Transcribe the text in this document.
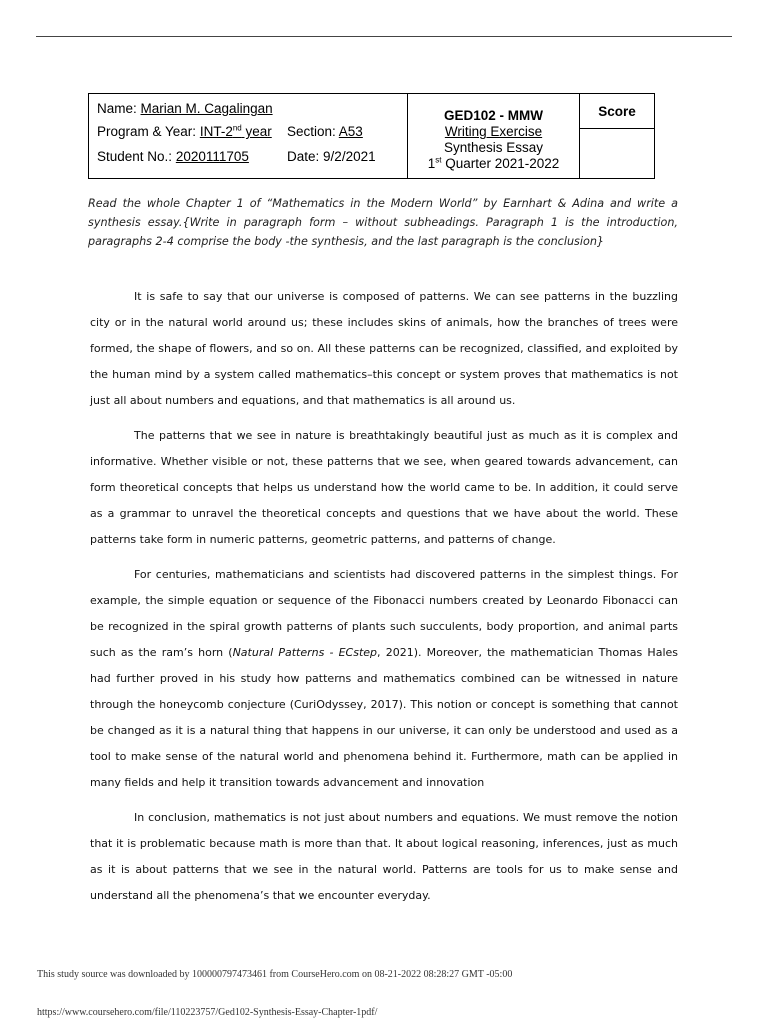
Name: Marian M. Cagalingan
Program & Year: INT-2nd year Section: A53
Student No.: 2020111705	Date: 9/2/2021
GED102 - MMW
Writing Exercise
Synthesis Essay
1st Quarter 2021-2022
Score
Read the whole Chapter 1 of “Mathematics in the Modern World” by Earnhart & Adina and write a synthesis essay.{Write in paragraph form – without subheadings. Paragraph 1 is the introduction, paragraphs 2-4 comprise the body -the synthesis, and the last paragraph is the conclusion}

It is safe to say that our universe is composed of patterns. We can see patterns in the buzzling city or in the natural world around us; these includes skins of animals, how the branches of trees were formed, the shape of flowers, and so on. All these patterns can be recognized, classified, and exploited by the human mind by a system called mathematics–this concept or system proves that mathematics is not just all about numbers and equations, and that mathematics is all around us.

The patterns that we see in nature is breathtakingly beautiful just as much as it is complex and informative. Whether visible or not, these patterns that we see, when geared towards advancement, can form theoretical concepts that helps us understand how the world came to be. In addition, it could serve as a grammar to unravel the theoretical concepts and questions that we have about the world. These patterns take form in numeric patterns, geometric patterns, and patterns of change.

For centuries, mathematicians and scientists had discovered patterns in the simplest things. For example, the simple equation or sequence of the Fibonacci numbers created by Leonardo Fibonacci can be recognized in the spiral growth patterns of plants such succulents, body proportion, and animal parts such as the ram’s horn (Natural Patterns - ECstep, 2021). Moreover, the mathematician Thomas Hales had further proved in his study how patterns and mathematics combined can be witnessed in nature through the honeycomb conjecture (CuriOdyssey, 2017). This notion or concept is something that cannot be changed as it is a natural thing that happens in our universe, it can only be understood and used as a tool to make sense of the natural world and phenomena behind it. Furthermore, math can be applied in many fields and help it transition towards advancement and innovation

In conclusion, mathematics is not just about numbers and equations. We must remove the notion that it is problematic because math is more than that. It about logical reasoning, inferences, just as much as it is about patterns that we see in the natural world. Patterns are tools for us to make sense and understand all the phenomena’s that we encounter everyday.

This study source was downloaded by 100000797473461 from CourseHero.com on 08-21-2022 08:28:27 GMT -05:00
https://www.coursehero.com/file/110223757/Ged102-Synthesis-Essay-Chapter-1pdf/
